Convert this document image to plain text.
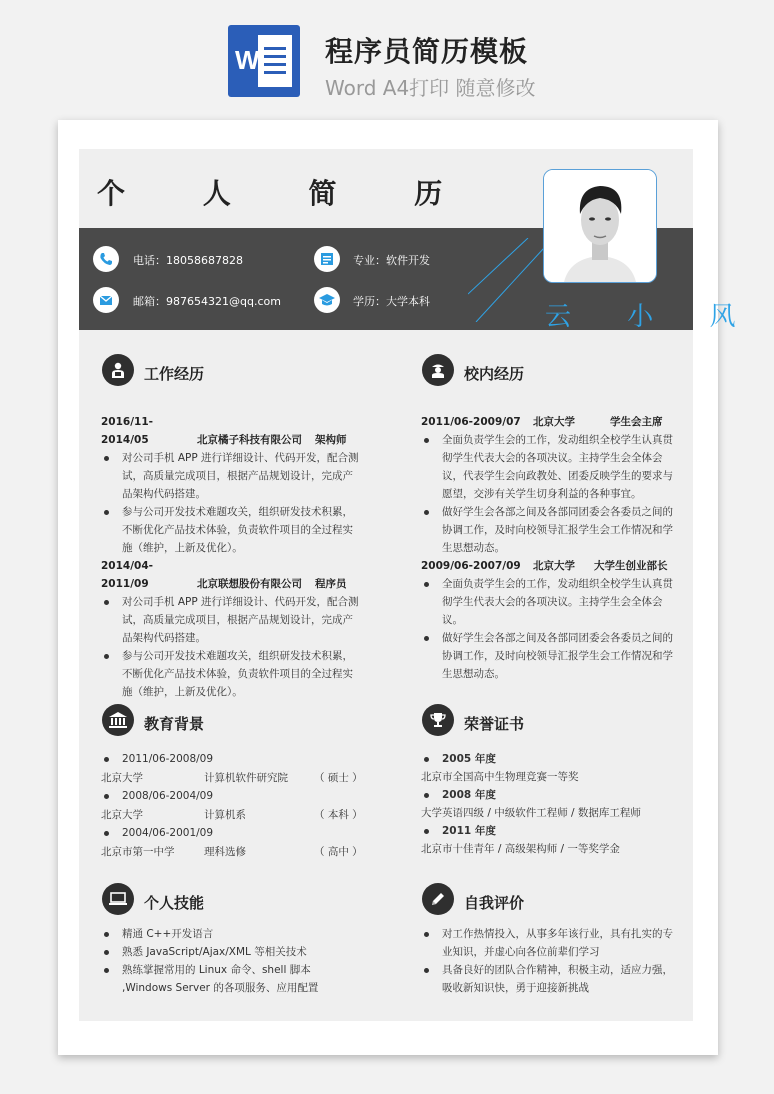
W 程序员简历模板
Word A4打印 随意修改
个 人 简 历
电话：18058687828	专业：软件开发
邮箱：987654321@qq.com	学历：大学本科
云 小 风
工作经历
2016/11-2014/05	北京橘子科技有限公司 架构师
对公司手机 APP 进行详细设计、代码开发，配合测试，高质量完成项目，根据产品规划设计，完成产品架构代码搭建。
参与公司开发技术难题攻关，组织研发技术积累，不断优化产品技术体验，负责软件项目的全过程实施（维护，上新及优化）。
2014/04-2011/09	北京联想股份有限公司 程序员
对公司手机 APP 进行详细设计、代码开发，配合测试，高质量完成项目，根据产品规划设计，完成产品架构代码搭建。
参与公司开发技术难题攻关，组织研发技术积累，不断优化产品技术体验，负责软件项目的全过程实施（维护，上新及优化）。
校内经历
2011/06-2009/07 北京大学	学生会主席
全面负责学生会的工作，发动组织全校学生认真贯彻学生代表大会的各项决议。主持学生会全体会议，代表学生会向政教处、团委反映学生的要求与愿望，交涉有关学生切身利益的各种事宜。
做好学生会各部之间及各部同团委会各委员之间的协调工作，及时向校领导汇报学生会工作情况和学生思想动态。
2009/06-2007/09 北京大学 大学生创业部长
全面负责学生会的工作，发动组织全校学生认真贯彻学生代表大会的各项决议。主持学生会全体会议。
做好学生会各部之间及各部同团委会各委员之间的协调工作，及时向校领导汇报学生会工作情况和学生思想动态。
教育背景
2011/06-2008/09
北京大学	计算机软件研究院 （ 硕士 ）
2008/06-2004/09
北京大学	计算机系	（ 本科 ）
2004/06-2001/09
北京市第一中学	理科选修	（ 高中 ）
荣誉证书
2005 年度
北京市全国高中生物理竞赛一等奖
2008 年度
大学英语四级 / 中级软件工程师 / 数据库工程师
2011 年度
北京市十佳青年 / 高级架构师 / 一等奖学金
个人技能
精通 C++开发语言
熟悉 JavaScript/Ajax/XML 等相关技术
熟练掌握常用的 Linux 命令、shell 脚本 ,Windows Server 的各项服务、应用配置
自我评价
对工作热情投入，从事多年该行业，具有扎实的专业知识，并虚心向各位前辈们学习
具备良好的团队合作精神，积极主动，适应力强，吸收新知识快，勇于迎接新挑战
